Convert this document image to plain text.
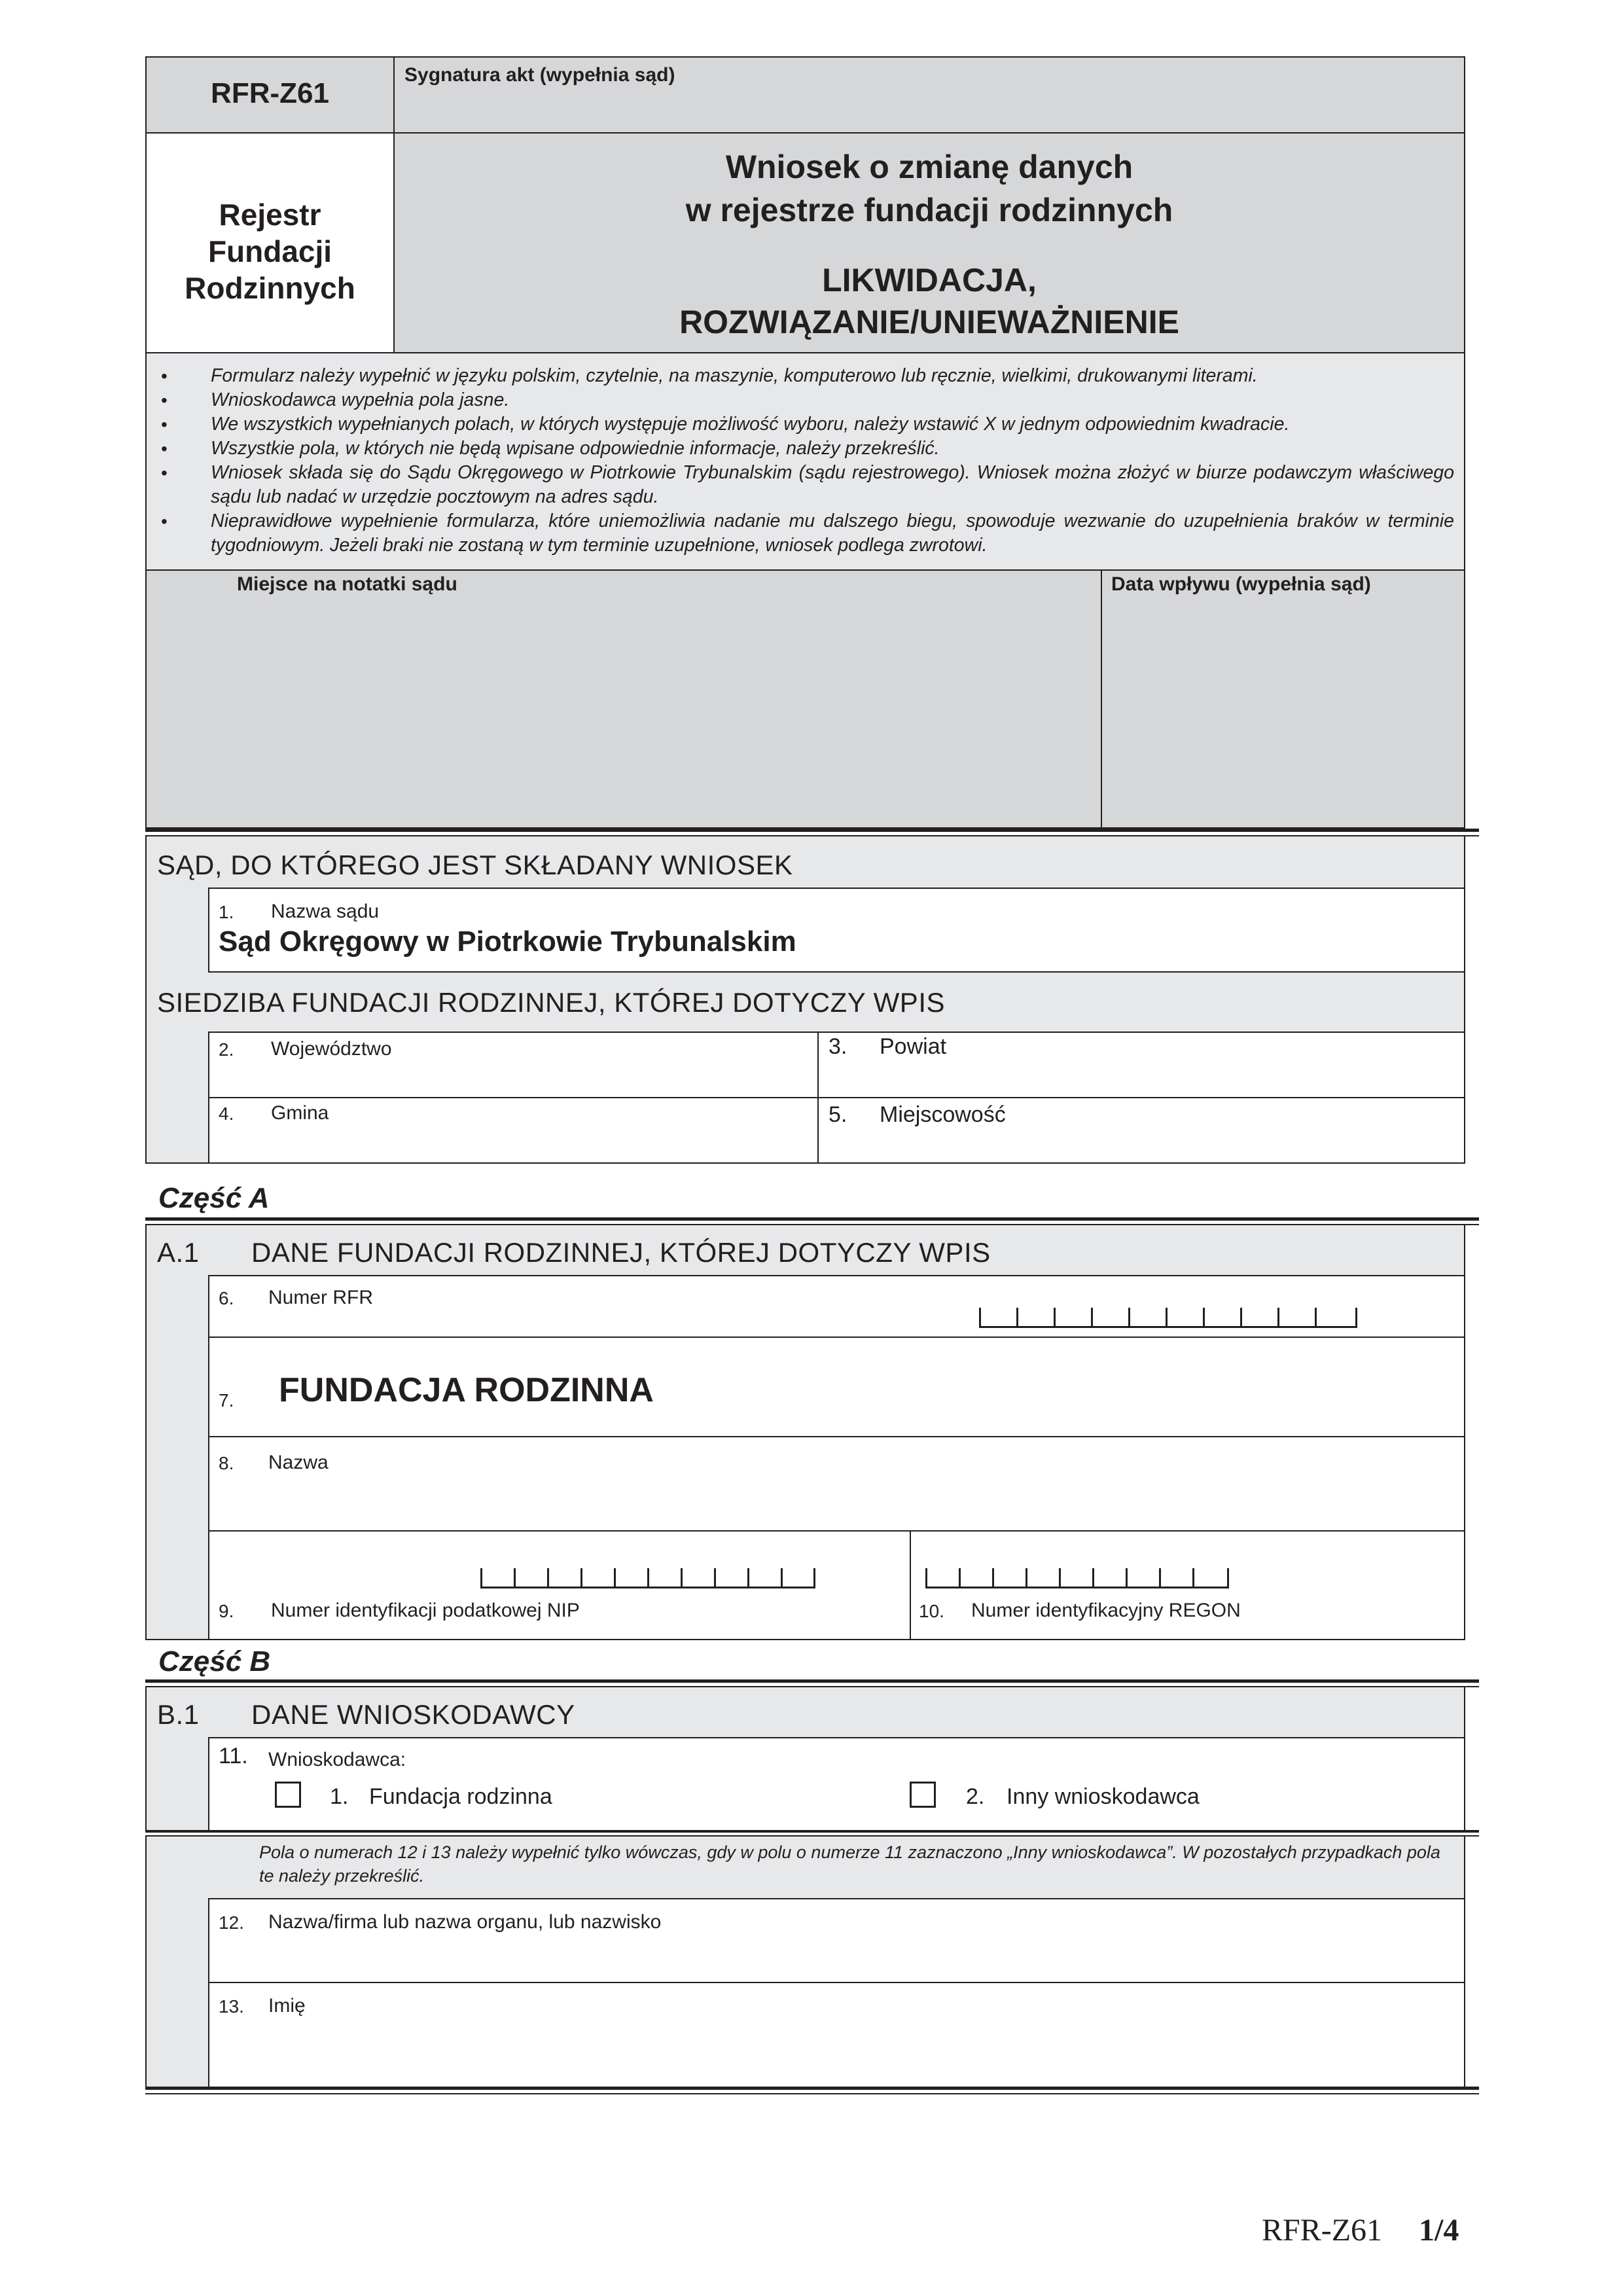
RFR-Z61
Sygnatura akt (wypełnia sąd)
Rejestr
Fundacji
Rodzinnych
Wniosek o zmianę danych
w rejestrze fundacji rodzinnych
LIKWIDACJA,
ROZWIĄZANIE/UNIEWAŻNIENIE
• Formularz należy wypełnić w języku polskim, czytelnie, na maszynie, komputerowo lub ręcznie, wielkimi, drukowanymi literami.
• Wnioskodawca wypełnia pola jasne.
• We wszystkich wypełnianych polach, w których występuje możliwość wyboru, należy wstawić X w jednym odpowiednim kwadracie.
• Wszystkie pola, w których nie będą wpisane odpowiednie informacje, należy przekreślić.
• Wniosek składa się do Sądu Okręgowego w Piotrkowie Trybunalskim (sądu rejestrowego). Wniosek można złożyć w biurze podawczym właściwego sądu lub nadać w urzędzie pocztowym na adres sądu.
• Nieprawidłowe wypełnienie formularza, które uniemożliwia nadanie mu dalszego biegu, spowoduje wezwanie do uzupełnienia braków w terminie tygodniowym. Jeżeli braki nie zostaną w tym terminie uzupełnione, wniosek podlega zwrotowi.
Miejsce na notatki sądu	Data wpływu (wypełnia sąd)
SĄD, DO KTÓREGO JEST SKŁADANY WNIOSEK
1. Nazwa sądu
Sąd Okręgowy w Piotrkowie Trybunalskim
SIEDZIBA FUNDACJI RODZINNEJ, KTÓREJ DOTYCZY WPIS
2. Województwo	3. Powiat
4. Gmina	5. Miejscowość
Część A
A.1 DANE FUNDACJI RODZINNEJ, KTÓREJ DOTYCZY WPIS
6. Numer RFR
7. FUNDACJA RODZINNA
8. Nazwa
9. Numer identyfikacji podatkowej NIP	10. Numer identyfikacyjny REGON
Część B
B.1 DANE WNIOSKODAWCY
11. Wnioskodawca:
1. Fundacja rodzinna	2. Inny wnioskodawca
Pola o numerach 12 i 13 należy wypełnić tylko wówczas, gdy w polu o numerze 11 zaznaczono „Inny wnioskodawca”. W pozostałych przypadkach pola te należy przekreślić.
12. Nazwa/firma lub nazwa organu, lub nazwisko
13. Imię
RFR-Z61 1/4
